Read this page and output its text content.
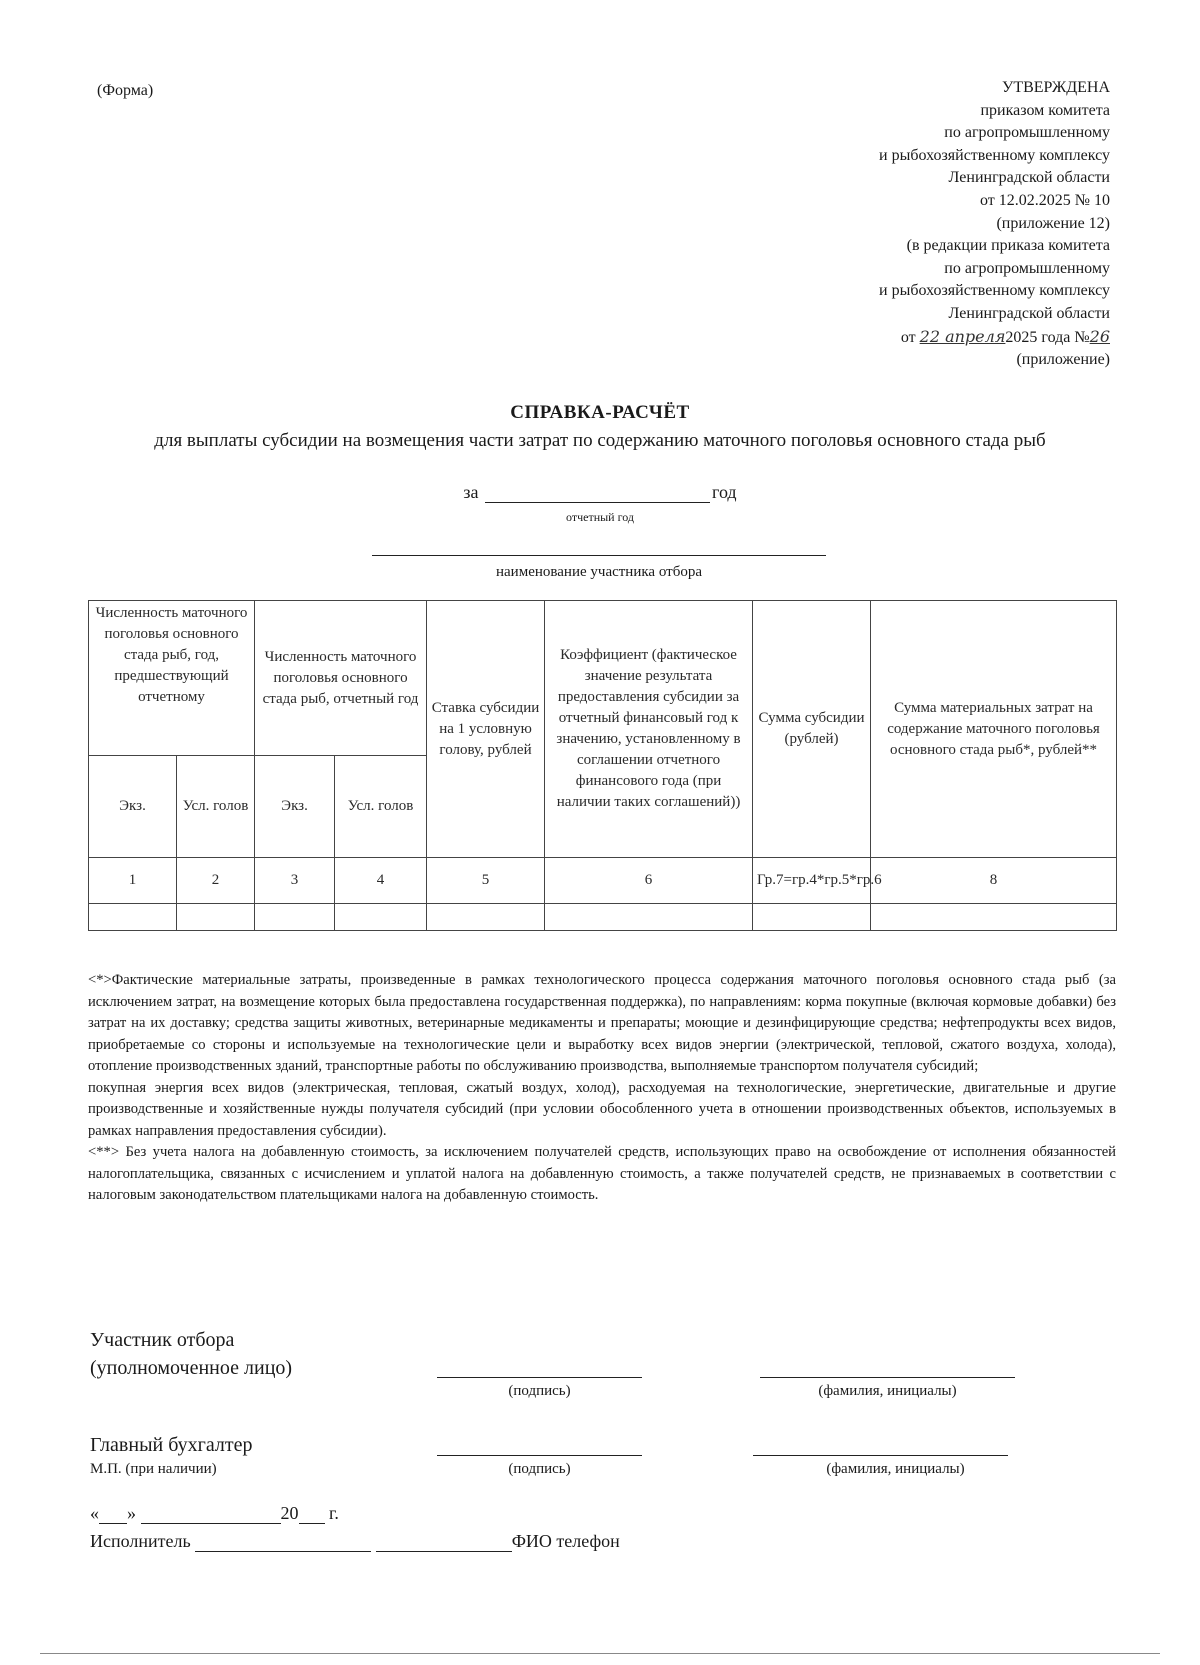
(Форма)	УТВЕРЖДЕНА
приказом комитета
по агропромышленному
и рыбохозяйственному комплексу
Ленинградской области
от 12.02.2025 № 10
(приложение 12)
(в редакции приказа комитета
по агропромышленному
и рыбохозяйственному комплексу
Ленинградской области
от 22 апреля2025 года №26
(приложение)
СПРАВКА-РАСЧЁТ
для выплаты субсидии на возмещения части затрат по содержанию маточного поголовья основного стада рыб
за	год
отчетный год
наименование участника отбора
Численность маточного поголовья основного стада рыб, год, предшествующий отчетному		Численность маточного поголовья основного стада рыб, отчетный год		Ставка субсидии на 1 условную голову, рублей	Коэффициент (фактическое значение результата предоставления субсидии за отчетный финансовый год к значению, установленному в соглашении отчетного финансового года (при наличии таких соглашений))	Сумма субсидии (рублей)	Сумма материальных затрат на содержание маточного поголовья основного стада рыб*, рублей**
Экз.	Усл. голов	Экз.	Усл. голов				
1	2	3	4	5	6	Гр.7=гр.4*гр.5*гр.6	8

<*>Фактические материальные затраты, произведенные в рамках технологического процесса содержания маточного поголовья основного стада рыб (за исключением затрат, на возмещение которых была предоставлена государственная поддержка), по направлениям: корма покупные (включая кормовые добавки) без затрат на их доставку; средства защиты животных, ветеринарные медикаменты и препараты; моющие и дезинфицирующие средства; нефтепродукты всех видов, приобретаемые со стороны и используемые на технологические цели и выработку всех видов энергии (электрической, тепловой, сжатого воздуха, холода), отопление производственных зданий, транспортные работы по обслуживанию производства, выполняемые транспортом получателя субсидий;

покупная энергия всех видов (электрическая, тепловая, сжатый воздух, холод), расходуемая на технологические, энергетические, двигательные и другие производственные и хозяйственные нужды получателя субсидий (при условии обособленного учета в отношении производственных объектов, используемых в рамках направления предоставления субсидии).

<**> Без учета налога на добавленную стоимость, за исключением получателей средств, использующих право на освобождение от исполнения обязанностей налогоплательщика, связанных с исчислением и уплатой налога на добавленную стоимость, а также получателей средств, не признаваемых в соответствии с налоговым законодательством плательщиками налога на добавленную стоимость.

Участник отбора
(уполномоченное лицо)
(подпись)	(фамилия, инициалы)
Главный бухгалтер
М.П. (при наличии)	(подпись)	(фамилия, инициалы)
« »	20 г.
Исполнитель	ФИО телефон
